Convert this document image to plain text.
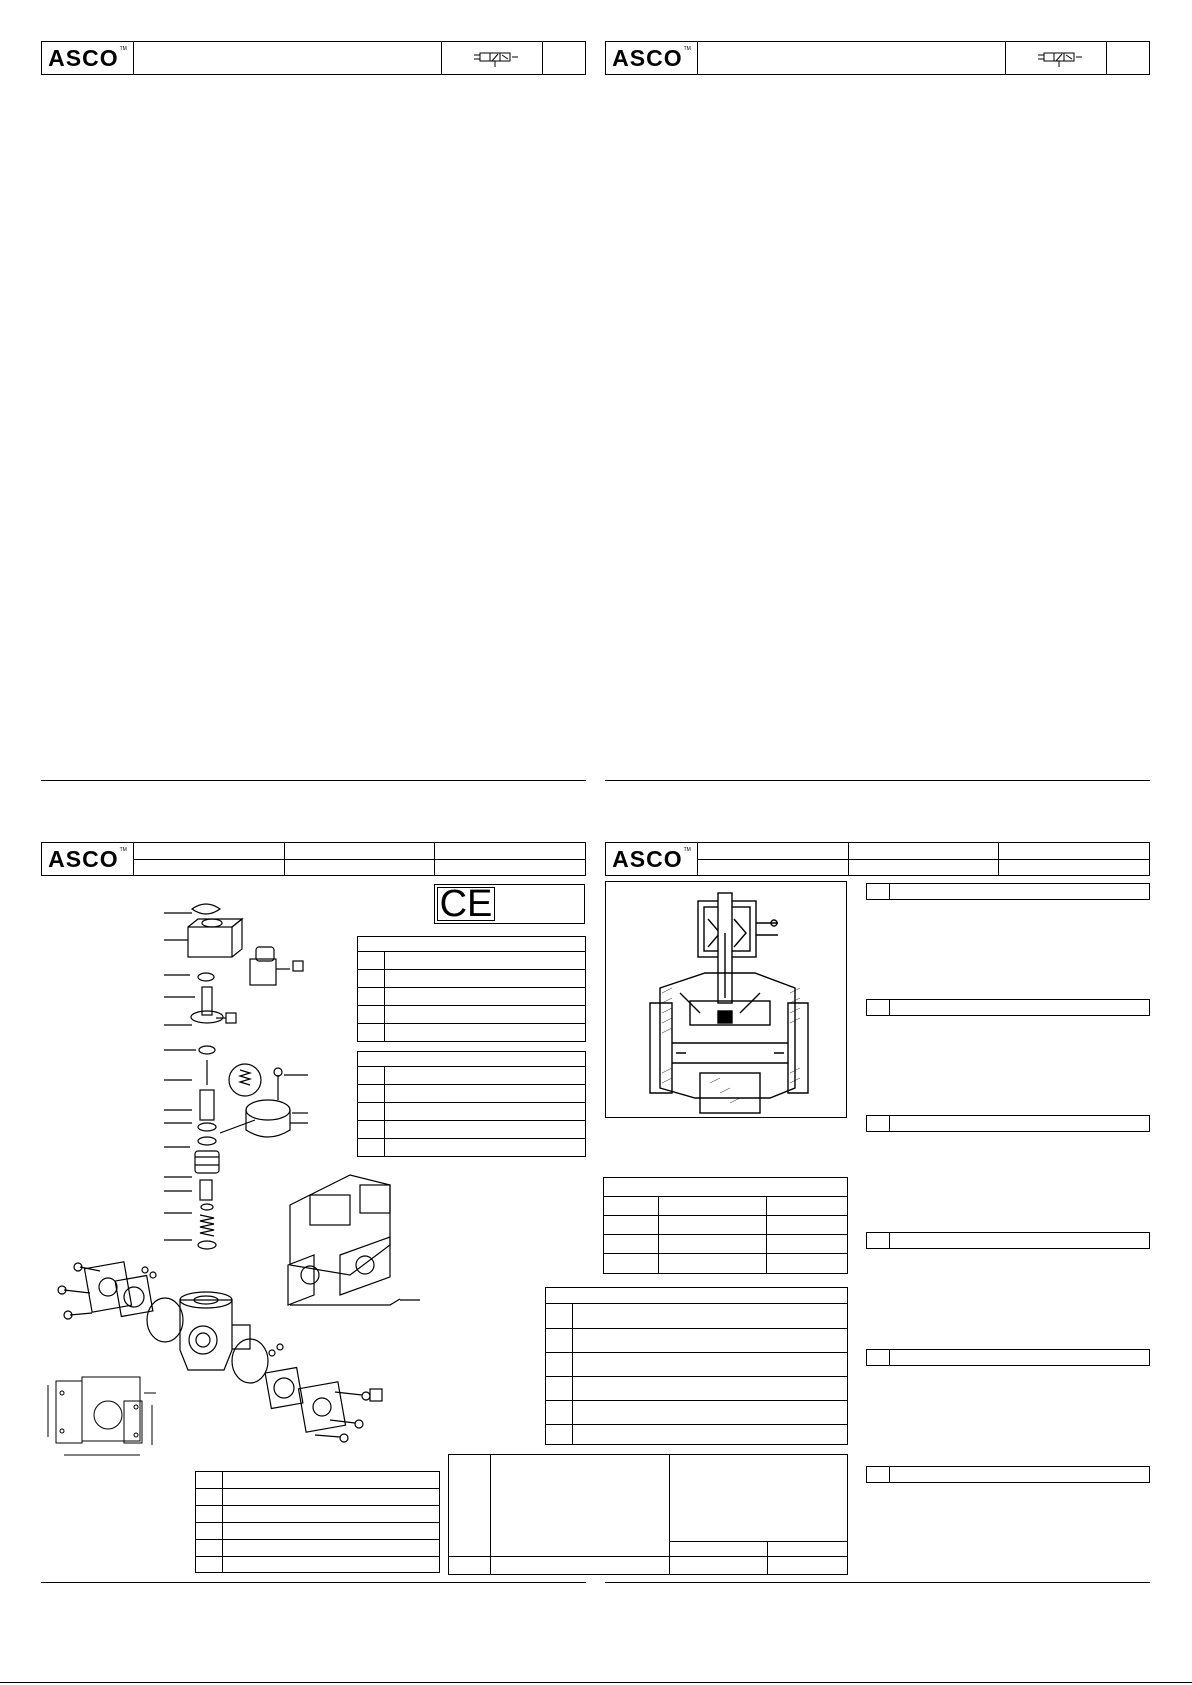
ASCO™	ASCO™
ASCO™	ASCO™
CE
